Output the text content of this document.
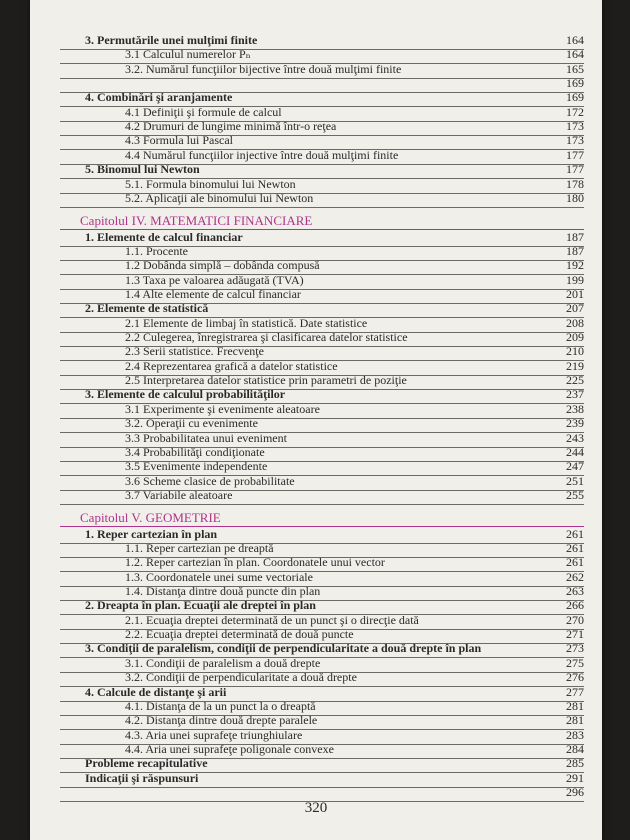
3. Permutările unei mulţimi finite	164
3.1 Calculul numerelor Pₙ	164
3.2. Numărul funcţiilor bijective între două mulţimi finite	165
169
4. Combinări şi aranjamente	169
4.1 Definiţii şi formule de calcul	172
4.2 Drumuri de lungime minimă într-o reţea	173
4.3 Formula lui Pascal	173
4.4 Numărul funcţiilor injective între două mulţimi finite	177
5. Binomul lui Newton	177
5.1. Formula binomului lui Newton	178
5.2. Aplicaţii ale binomului lui Newton	180
Capitolul IV. MATEMATICI FINANCIARE
1. Elemente de calcul financiar	187
1.1. Procente	187
1.2 Dobânda simplă – dobânda compusă	192
1.3 Taxa pe valoarea adăugată (TVA)	199
1.4 Alte elemente de calcul financiar	201
2. Elemente de statistică	207
2.1 Elemente de limbaj în statistică. Date statistice	208
2.2 Culegerea, înregistrarea şi clasificarea datelor statistice	209
2.3 Serii statistice. Frecvenţe	210
2.4 Reprezentarea grafică a datelor statistice	219
2.5 Interpretarea datelor statistice prin parametri de poziţie	225
3. Elemente de calculul probabilităţilor	237
3.1 Experimente şi evenimente aleatoare	238
3.2. Operaţii cu evenimente	239
3.3 Probabilitatea unui eveniment	243
3.4 Probabilităţi condiţionate	244
3.5 Evenimente independente	247
3.6 Scheme clasice de probabilitate	251
3.7 Variabile aleatoare	255
Capitolul V. GEOMETRIE
1. Reper cartezian în plan	261
1.1. Reper cartezian pe dreaptă	261
1.2. Reper cartezian în plan. Coordonatele unui vector	261
1.3. Coordonatele unei sume vectoriale	262
1.4. Distanţa dintre două puncte din plan	263
2. Dreapta în plan. Ecuaţii ale dreptei în plan	266
2.1. Ecuaţia dreptei determinată de un punct şi o direcţie dată	270
2.2. Ecuaţia dreptei determinată de două puncte	271
3. Condiţii de paralelism, condiţii de perpendicularitate a două drepte în plan	273
3.1. Condiţii de paralelism a două drepte	275
3.2. Condiţii de perpendicularitate a două drepte	276
4. Calcule de distanţe şi arii	277
4.1. Distanţa de la un punct la o dreaptă	281
4.2. Distanţa dintre două drepte paralele	281
4.3. Aria unei suprafeţe triunghiulare	283
4.4. Aria unei suprafeţe poligonale convexe	284
Probleme recapitulative	285
Indicaţii şi răspunsuri	291
296
320
